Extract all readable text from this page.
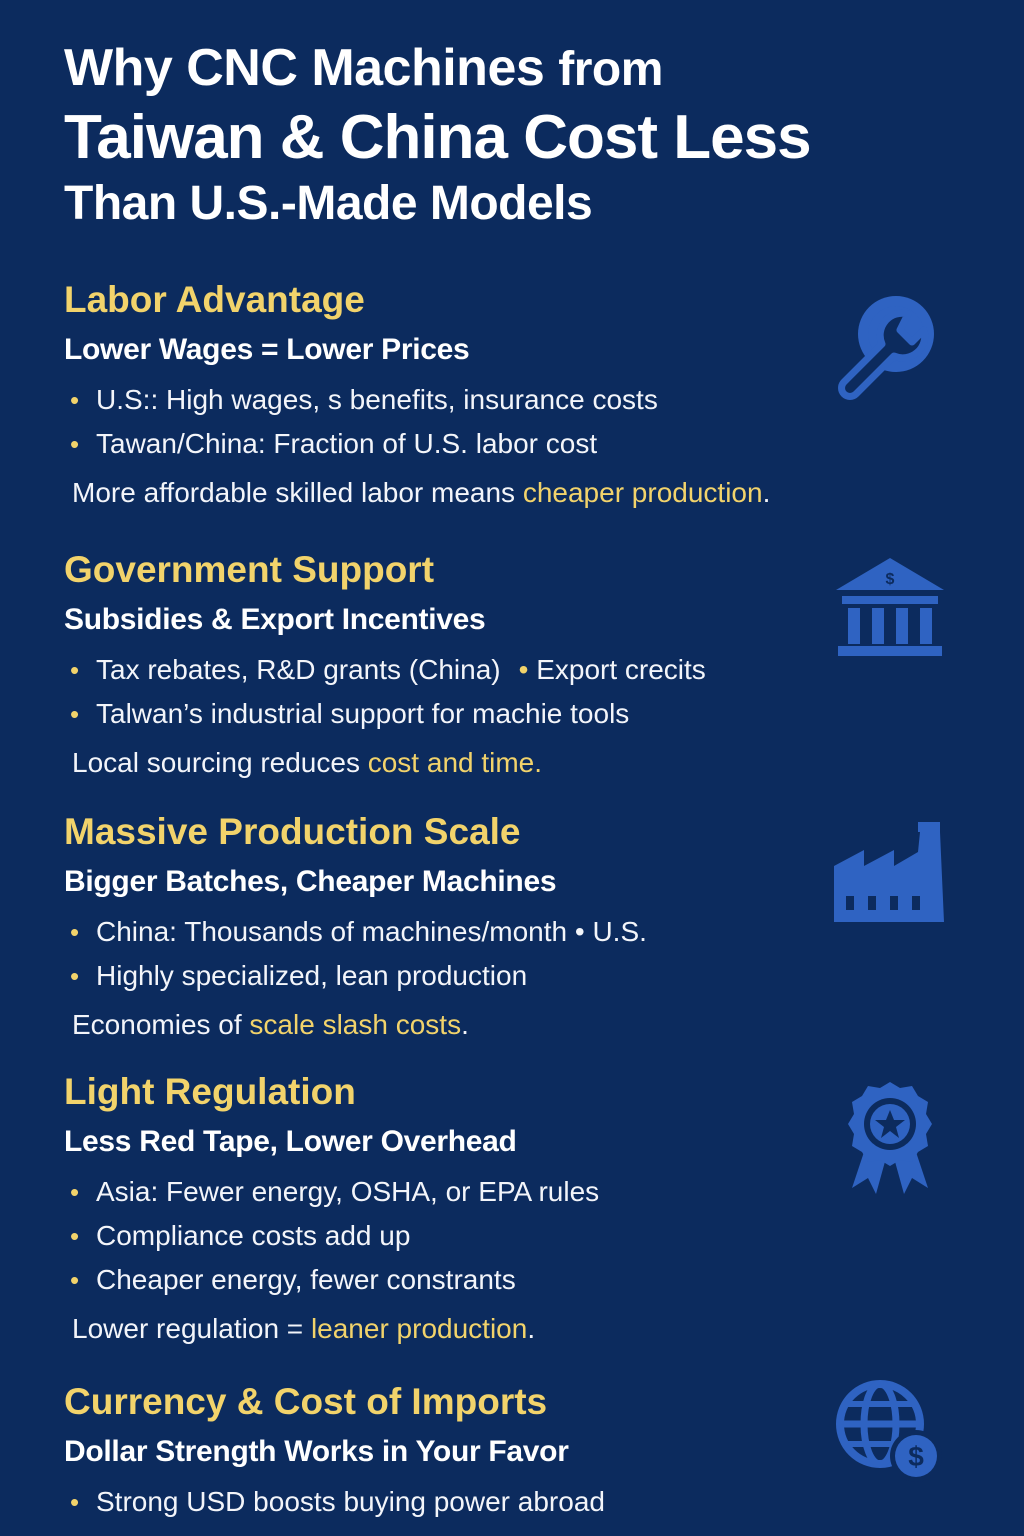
Why CNC Machines from
Taiwan & China Cost Less
Than U.S.-Made Models
Labor Advantage
Lower Wages = Lower Prices
• U.S:: High wages, s benefits, insurance costs
• Tawan/China: Fraction of U.S. labor cost
More affordable skilled labor means cheaper production.
Government Support
Subsidies & Export Incentives
• Tax rebates, R&D grants (China)• Export crecits
• Talwan’s industrial support for machie tools
Local sourcing reduces cost and time.
$
Massive Production Scale
Bigger Batches, Cheaper Machines
• China: Thousands of machines/month • U.S.
• Highly specialized, lean production
Economies of scale slash costs.
Light Regulation
Less Red Tape, Lower Overhead
• Asia: Fewer energy, OSHA, or EPA rules
• Compliance costs add up
• Cheaper energy, fewer constrants
Lower regulation = leaner production.
Currency & Cost of Imports
Dollar Strength Works in Your Favor
• Strong USD boosts buying power abroad
$
